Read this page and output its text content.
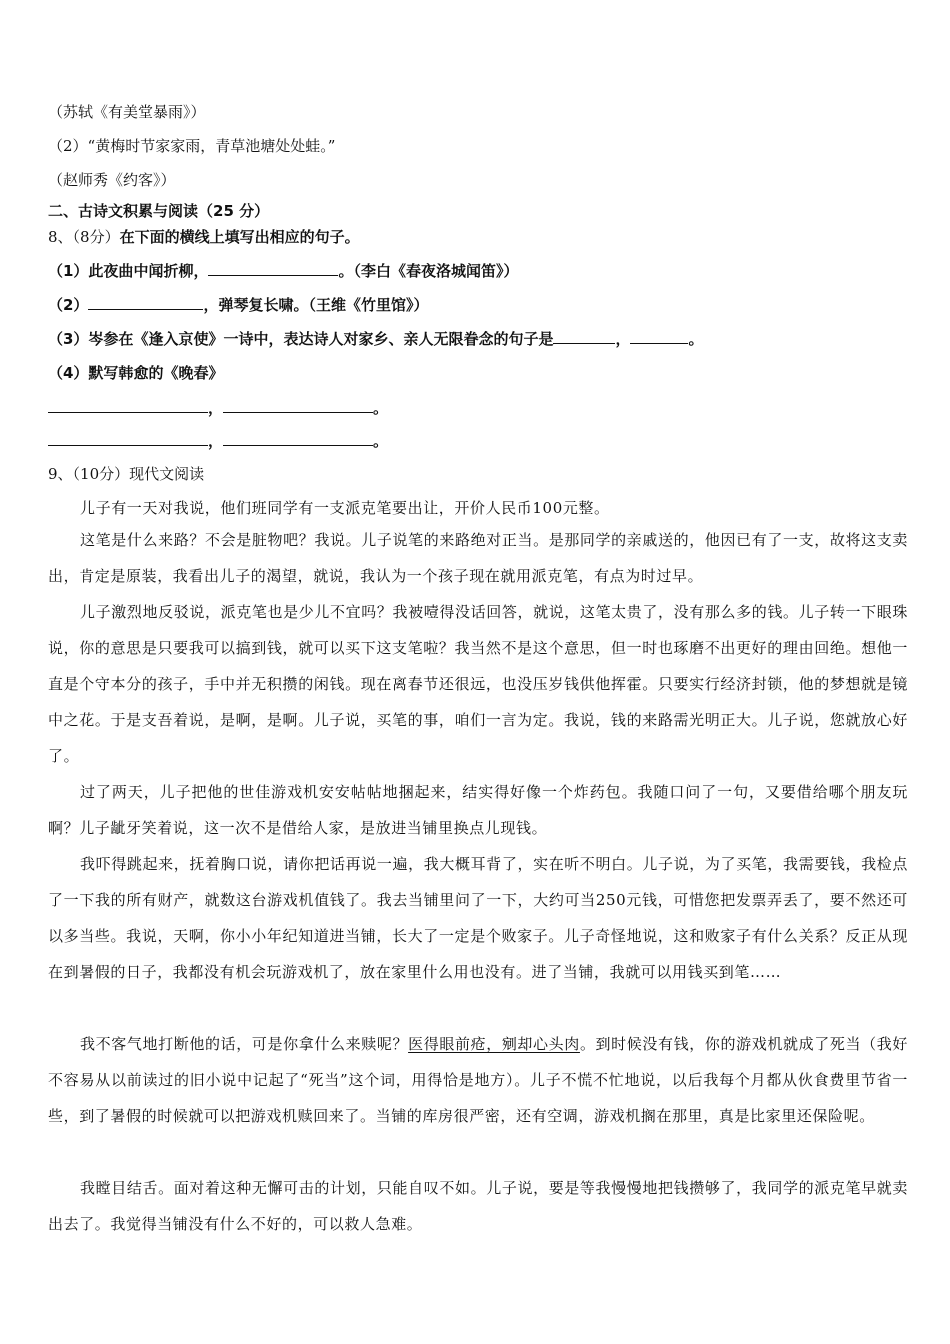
（苏轼《有美堂暴雨》）
（2）“黄梅时节家家雨，青草池塘处处蛙。”
（赵师秀《约客》）
二、古诗文积累与阅读（25 分）
8、（8分）在下面的横线上填写出相应的句子。
（1）此夜曲中闻折柳，	。（李白《春夜洛城闻笛》）
（2）	，弹琴复长啸。（王维《竹里馆》）
（3）岑参在《逢入京使》一诗中，表达诗人对家乡、亲人无限眷念的句子是	，	。
（4）默写韩愈的《晚春》
，	。
，	。
9、（10分）现代文阅读
儿子有一天对我说，他们班同学有一支派克笔要出让，开价人民币100元整。
这笔是什么来路？不会是脏物吧？我说。儿子说笔的来路绝对正当。是那同学的亲戚送的，他因已有了一支，故将这支卖出，肯定是原装，我看出儿子的渴望，就说，我认为一个孩子现在就用派克笔，有点为时过早。
儿子激烈地反驳说，派克笔也是少儿不宜吗？我被噎得没话回答，就说，这笔太贵了，没有那么多的钱。儿子转一下眼珠说，你的意思是只要我可以搞到钱，就可以买下这支笔啦？我当然不是这个意思，但一时也琢磨不出更好的理由回绝。想他一直是个守本分的孩子，手中并无积攒的闲钱。现在离春节还很远，也没压岁钱供他挥霍。只要实行经济封锁，他的梦想就是镜中之花。于是支吾着说，是啊，是啊。儿子说，买笔的事，咱们一言为定。我说，钱的来路需光明正大。儿子说，您就放心好了。
过了两天，儿子把他的世佳游戏机安安帖帖地捆起来，结实得好像一个炸药包。我随口问了一句，又要借给哪个朋友玩啊？儿子龇牙笑着说，这一次不是借给人家，是放进当铺里换点儿现钱。
我吓得跳起来，抚着胸口说，请你把话再说一遍，我大概耳背了，实在听不明白。儿子说，为了买笔，我需要钱，我检点了一下我的所有财产，就数这台游戏机值钱了。我去当铺里问了一下，大约可当250元钱，可惜您把发票弄丢了，要不然还可以多当些。我说，天啊，你小小年纪知道进当铺，长大了一定是个败家子。儿子奇怪地说，这和败家子有什么关系？反正从现在到暑假的日子，我都没有机会玩游戏机了，放在家里什么用也没有。进了当铺，我就可以用钱买到笔……
我不客气地打断他的话，可是你拿什么来赎呢？医得眼前疮，剜却心头肉。到时候没有钱，你的游戏机就成了死当（我好不容易从以前读过的旧小说中记起了“死当”这个词，用得恰是地方）。儿子不慌不忙地说，以后我每个月都从伙食费里节省一些，到了暑假的时候就可以把游戏机赎回来了。当铺的库房很严密，还有空调，游戏机搁在那里，真是比家里还保险呢。
我瞠目结舌。面对着这种无懈可击的计划，只能自叹不如。儿子说，要是等我慢慢地把钱攒够了，我同学的派克笔早就卖出去了。我觉得当铺没有什么不好的，可以救人急难。
